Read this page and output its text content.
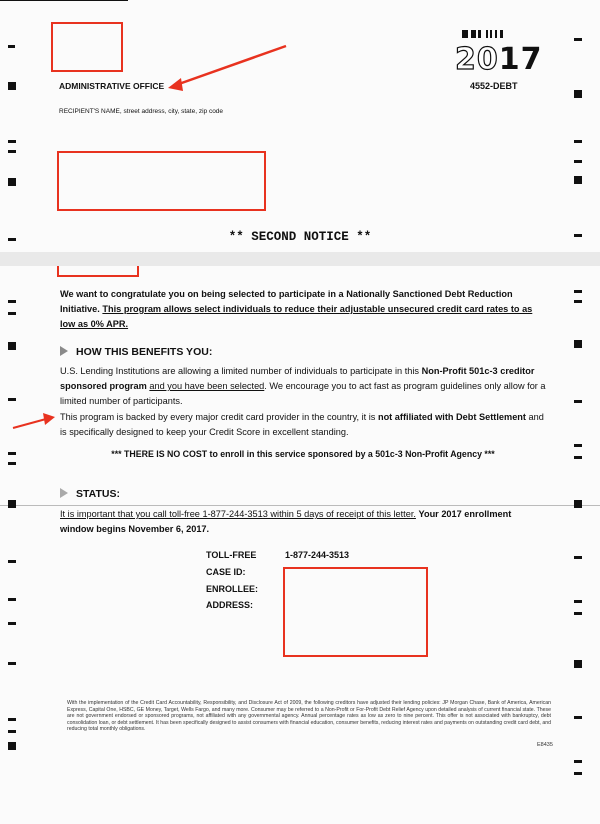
2017
4552-DEBT
ADMINISTRATIVE OFFICE
RECIPIENT'S NAME, street address, city, state, zip code
** SECOND NOTICE **
We want to congratulate you on being selected to participate in a Nationally Sanctioned Debt Reduction Initiative. This program allows select individuals to reduce their adjustable unsecured credit card rates to as low as 0% APR.
HOW THIS BENEFITS YOU:
U.S. Lending Institutions are allowing a limited number of individuals to participate in this Non-Profit 501c-3 creditor sponsored program and you have been selected. We encourage you to act fast as program guidelines only allow for a limited number of participants.
This program is backed by every major credit card provider in the country, it is not affiliated with Debt Settlement and is specifically designed to keep your Credit Score in excellent standing.
*** THERE IS NO COST to enroll in this service sponsored by a 501c-3 Non-Profit Agency ***
STATUS:
It is important that you call toll-free 1-877-244-3513 within 5 days of receipt of this letter. Your 2017 enrollment window begins November 6, 2017.
TOLL-FREE	1-877-244-3513
CASE ID:
ENROLLEE:
ADDRESS:
With the implementation of the Credit Card Accountability, Responsibility, and Disclosure Act of 2009, the following creditors have adjusted their lending policies: JP Morgan Chase, Bank of America, American Express, Capital One, HSBC, GE Money, Target, Wells Fargo, and many more. Consumer may be referred to a Non-Profit or For-Profit Debt Relief Agency upon detailed analysis of current financial state. These are not government endorsed or sponsored programs, not affiliated with any governmental agency. Annual percentage rates as low as zero to nine percent. This offer is not associated with bankruptcy, debt consolidation loan, or debt settlement. It has been specifically designed to assist consumers with financial education, consumer benefits, reducing interest rates and payments on outstanding credit card debt, and reducing total monthly obligations.
E8435
